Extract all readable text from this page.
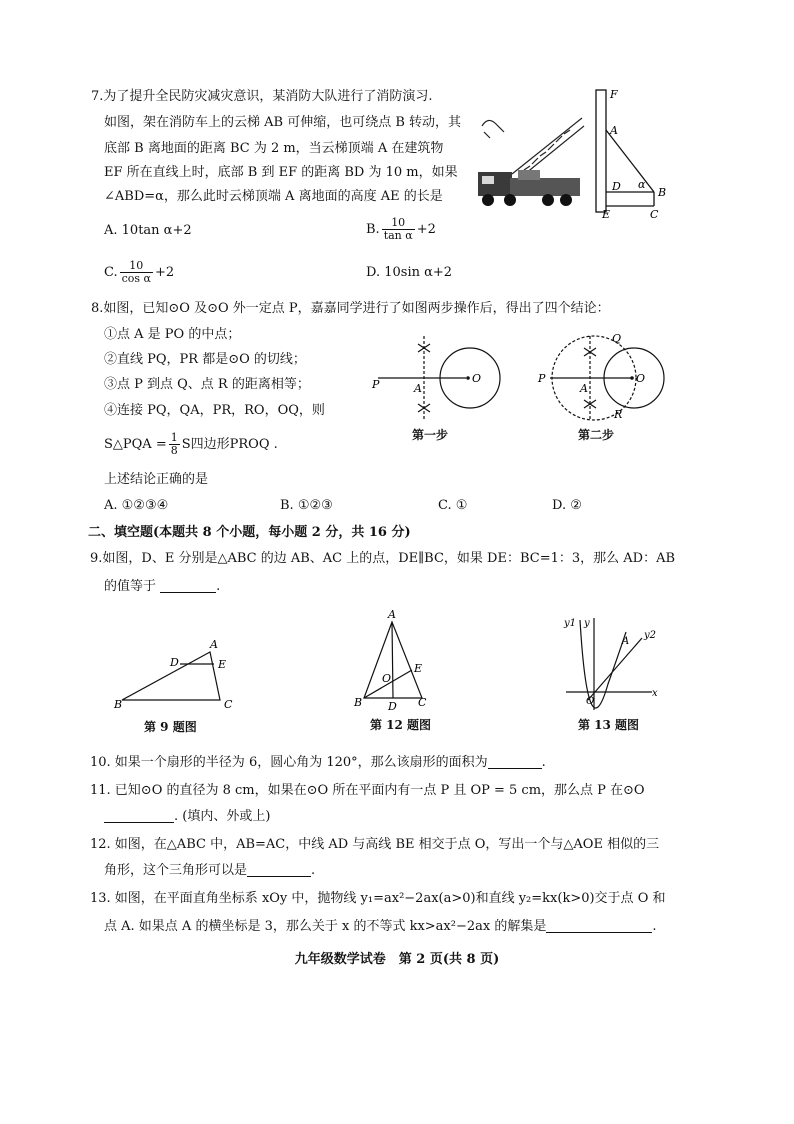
7.为了提升全民防灾减灾意识，某消防大队进行了消防演习.
如图，架在消防车上的云梯 AB 可伸缩，也可绕点 B 转动，其
底部 B 离地面的距离 BC 为 2 m，当云梯顶端 A 在建筑物
EF 所在直线上时，底部 B 到 EF 的距离 BD 为 10 m，如果
∠ABD=α，那么此时云梯顶端 A 离地面的高度 AE 的长是
F
A
D α
B
E	C
A. 10tan α+2	B. $\frac{10}{\text{tan α}} +2$
C. $\frac{10}{\text{cos α}} +2$	D. 10sin α+2
8.如图，已知⊙O 及⊙O 外一定点 P，嘉嘉同学进行了如图两步操作后，得出了四个结论：
①点 A 是 PO 的中点；
②直线 PQ，PR 都是⊙O 的切线；
③点 P 到点 Q、点 R 的距离相等；
④连接 PQ，QA，PR，RO，OQ，则
S△PQA = $\frac{1}{8}$ S四边形PROQ .
上述结论正确的是
A. ①②③④	B. ①②③	C. ①	D. ②
P	A
O
第一步
P
A
O
Q
R
第二步
二、填空题(本题共 8 个小题，每小题 2 分，共 16 分)
9.如图，D、E 分别是△ABC 的边 AB、AC 上的点，DE∥BC，如果 DE：BC=1：3，那么 AD：AB
的值等于	.
A
D	E
B	C
第 9 题图
A
E
O
B D C
第 12 题图
y1 y
A
y2
O
x
第 13 题图
10. 如果一个扇形的半径为 6，圆心角为 120°，那么该扇形的面积为	.
11. 已知⊙O 的直径为 8 cm，如果在⊙O 所在平面内有一点 P 且 OP = 5 cm，那么点 P 在⊙O
. (填内、外或上)
12. 如图，在△ABC 中，AB=AC，中线 AD 与高线 BE 相交于点 O，写出一个与△AOE 相似的三
角形，这个三角形可以是	.
13. 如图，在平面直角坐标系 xOy 中，抛物线 y₁=ax²−2ax(a>0)和直线 y₂=kx(k>0)交于点 O 和
点 A. 如果点 A 的横坐标是 3，那么关于 x 的不等式 kx>ax²−2ax 的解集是	.
九年级数学试卷　第 2 页(共 8 页)
